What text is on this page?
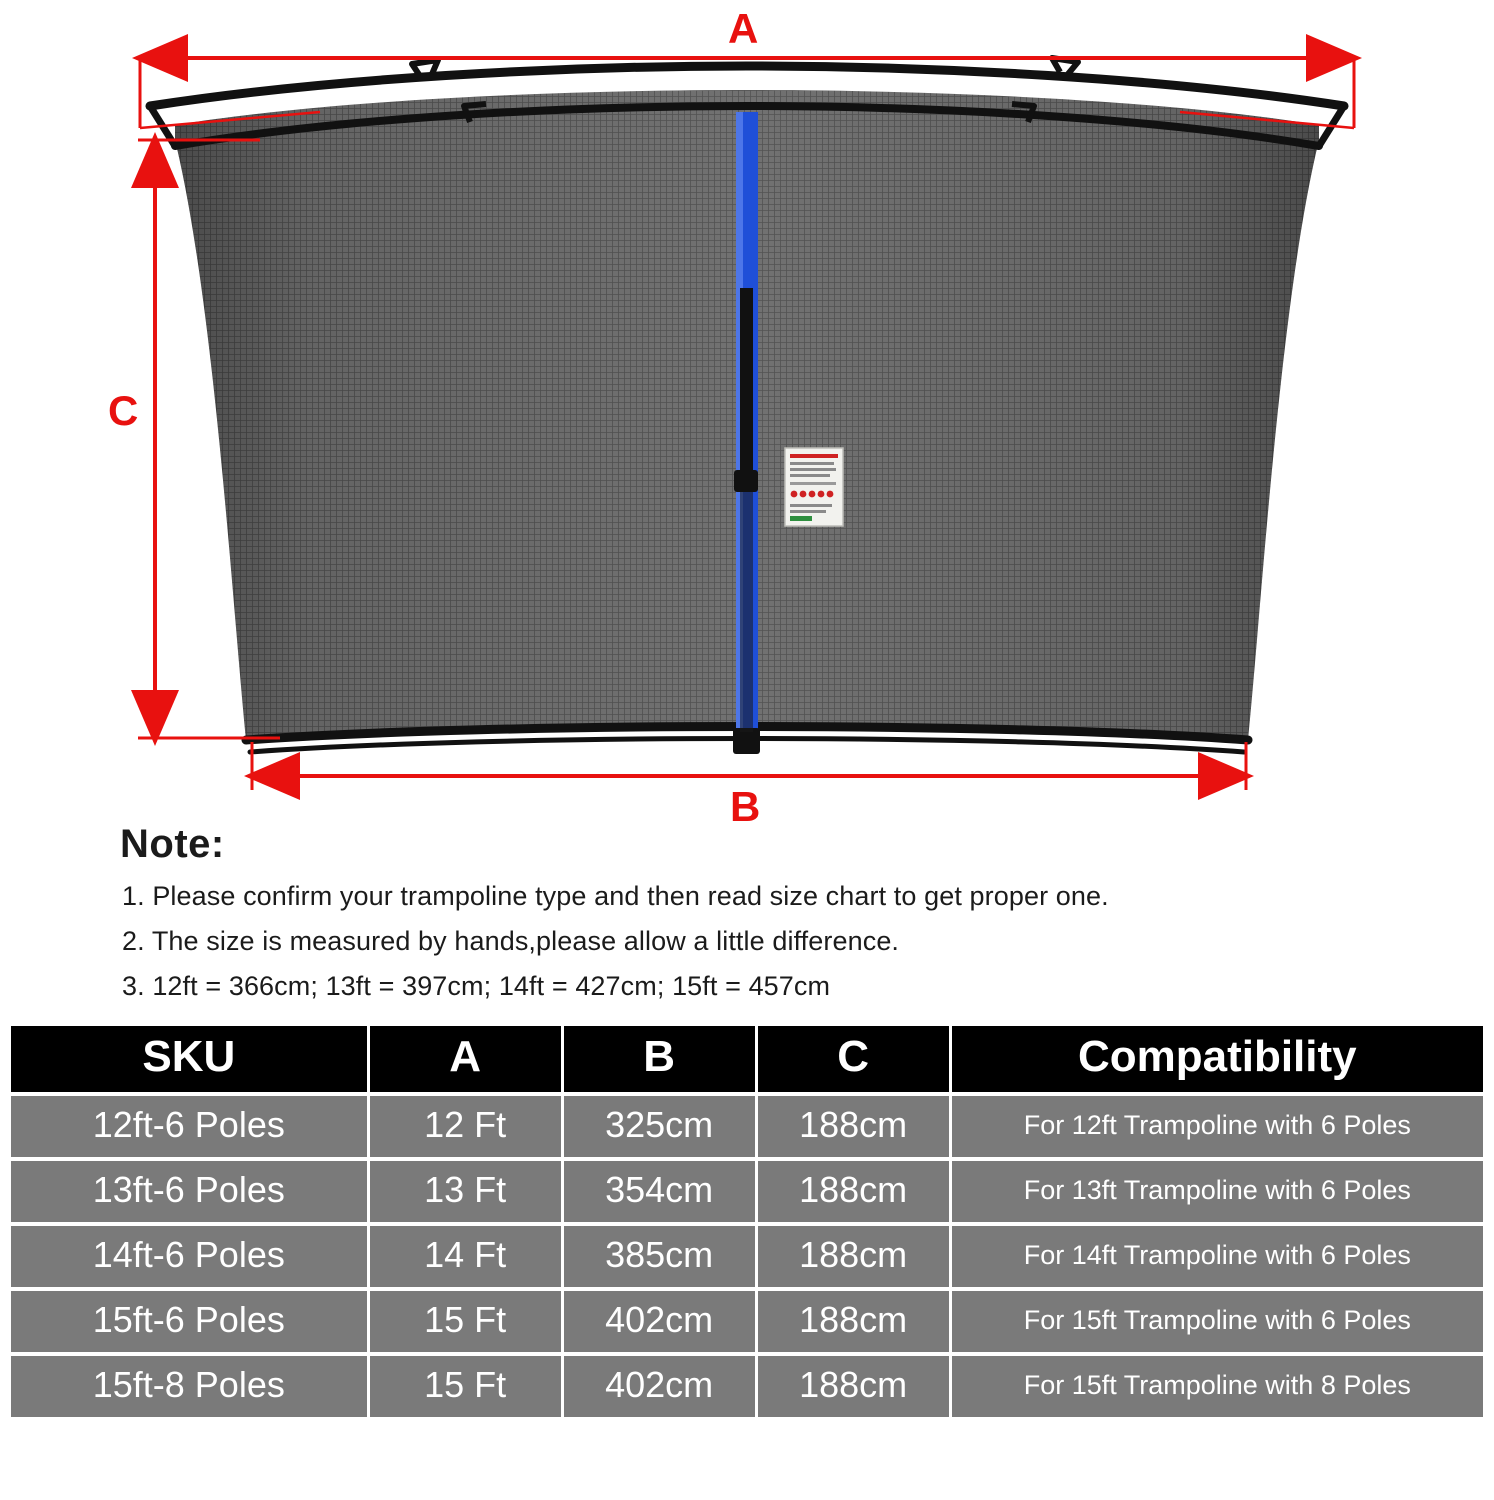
A
B
C
Note:
1. Please confirm your trampoline type and then read size chart to get proper one.
2. The size is measured by hands,please allow a little difference.
3. 12ft = 366cm; 13ft = 397cm; 14ft = 427cm; 15ft = 457cm
SKU	A	B	C	Compatibility
12ft-6 Poles	12 Ft	325cm	188cm	For 12ft Trampoline with 6 Poles
13ft-6 Poles	13 Ft	354cm	188cm	For 13ft Trampoline with 6 Poles
14ft-6 Poles	14 Ft	385cm	188cm	For 14ft Trampoline with 6 Poles
15ft-6 Poles	15 Ft	402cm	188cm	For 15ft Trampoline with 6 Poles
15ft-8 Poles	15 Ft	402cm	188cm	For 15ft Trampoline with 8 Poles
